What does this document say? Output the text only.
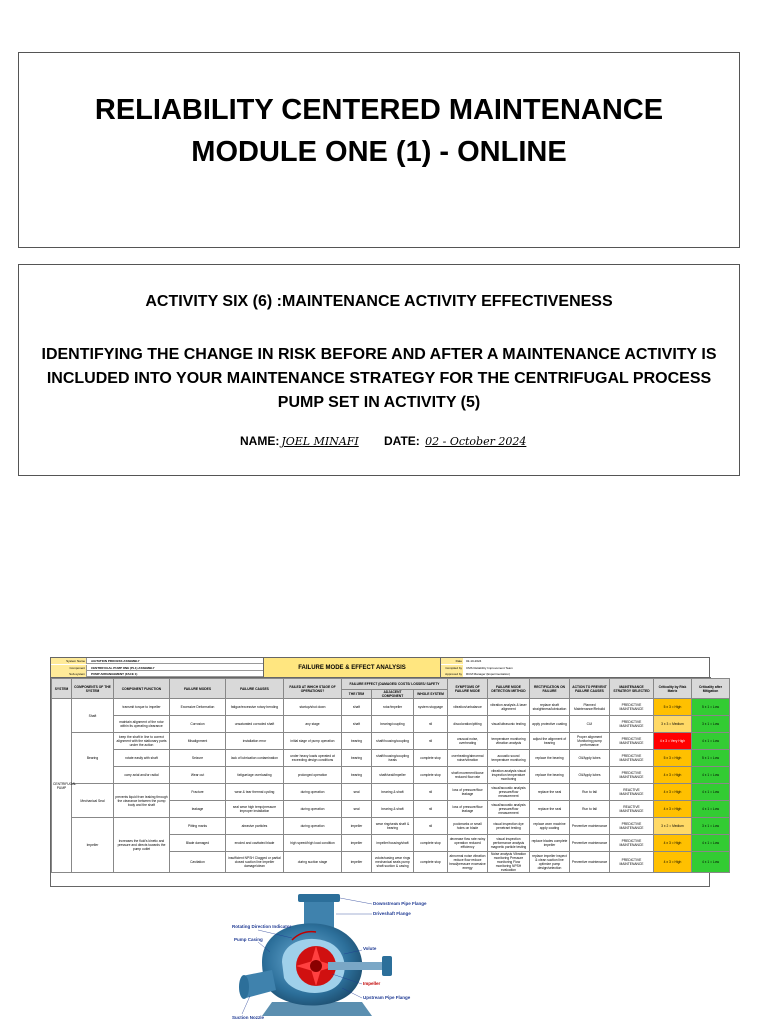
RELIABILITY CENTERED MAINTENANCE
MODULE ONE (1) - ONLINE
ACTIVITY SIX (6) :MAINTENANCE ACTIVITY EFFECTIVENESS
IDENTIFYING THE CHANGE IN RISK BEFORE AND AFTER A MAINTENANCE ACTIVITY IS INCLUDED INTO YOUR MAINTENANCE STRATEGY FOR THE CENTRIFUGAL PROCESS PUMP SET IN ACTIVITY (5)
NAME: JOEL MINAFI DATE: 02 - October 2024
System Name	AGITATION PROCESS ASSEMBLY
Component	CENTRIFUGAL PUMP ONE (PL1) ASSEMBLY
Sub-system	PUMP ARRANGEMENT (FACE 1)
FAILURE MODE & EFFECT ANALYSIS
Date	02-10-2024
Compiled by	CMS Reliability Improvement Team
Approved by	RCM Manager (Experimentation)
SYSTEM	COMPONENTS OF THE SYSTEM	COMPONENT FUNCTION	FAILURE MODES	FAILURE CAUSES	FAILED AT WHICH STAGE OF OPERATIONS?	FAILURE EFFECT (DAMAGES/ COSTS/ LOSSES/ SAFETY			SYMPTOMS OF FAILURE MODE	FAILURE MODE DETECTION METHOD	RECTIFICATION ON FAILURE	ACTION TO PREVENT FAILURE CAUSES	MAINTENANCE STRATEGY SELECTED	Criticality by Risk Matrix	Criticality after Mitigation
						THE ITEM	ADJACENT COMPONENT	WHOLE SYSTEM							
CENTRIFUGAL PUMP	Shaft	transmit torque to impeller	Excessive Deformation	fatigue/excessive rotary bending	startup/shut down	shaft	rotor/impeller	system stoppage	vibration/unbalance	vibration analysis & laser alignment	replace shaft straightness/lubrication	Planned Maintenance/Rebuild	PREDICTIVE MAINTENANCE	5 x 3 = High	5 x 1 = Low
		maintain alignment of the rotor within its operating clearance	Corrosion	unsaturated corroded shaft	any stage	shaft	bearing/coupling	nil	discoloration/pitting	visual/ultrasonic testing	apply protective coating	CUI	PREDICTIVE MAINTENANCE	3 x 3 = Medium	3 x 1 = Low
	Bearing	keep the shaft in line to correct alignment with the stationary parts under the action	Misalignment	installation error	initial stage of pump operation	bearing	shaft/housing/coupling	nil	unusual noise, overheating	temperature monitoring vibration analysis	adjust the alignment of bearing	Proper alignment Monitoring pump performance	PREDICTIVE MAINTENANCE	4 x 3 = Very High	4 x 1 = Low
		rotate easily with shaft	Seizure	lack of lubrication contamination	under heavy loads operated at exceeding design conditions	bearing	shaft/housing/coupling /seals	complete stop	overheating/abnormal noise/vibration	acoustic sound temperature monitoring	replace the bearing	Oil/Apply lubes	PREDICTIVE MAINTENANCE	5 x 3 = High	5 x 1 = Low
		carry axial and/or radial	Wear out	fatigue/age overloading	prolonged operation	bearing	shaft/seal/impeller	complete stop	shaft movement/loose reduced flow rate	vibration analysis visual inspection temperature monitoring	replace the bearing	Oil/Apply lubes	PREDICTIVE MAINTENANCE	4 x 3 = High	4 x 1 = Low
	Mechanical Seal	prevents liquid from leaking through the clearance between the pump body and the shaft	Fracture	wear & tear thermal cycling	during operation	seal	bearing & shaft	nil	loss of pressure/flow leakage	visual/acoustic analysis pressure/flow measurement	replace the seal	Run to fail	REACTIVE MAINTENANCE	4 x 3 = High	4 x 1 = Low
			leakage	seal wear high temp/pressure improper installation	during operation	seal	bearing & shaft	nil	loss of pressure/flow leakage	visual/acoustic analysis pressure/flow measurement	replace the seal	Run to fail	REACTIVE MAINTENANCE	4 x 3 = High	4 x 1 = Low
	Impeller	increases the fluid's kinetic and pressure and directs towards the pump outlet	Pitting marks	abrasive particles	during operation	impeller	wear ring/seals shaft & bearing	nil	pockmarks or small holes on blade	visual inspection dye penetrant testing	replace worn machine apply coating	Preventive maintenance	PREDICTIVE MAINTENANCE	3 x 2 = Medium	3 x 1 = Low
			Blade damaged	eroded and cavitated blade	high speed/high load condition	impeller	impeller/housing/shaft	complete stop	decrease flow rate noisy operation reduced efficiency	visual inspection performance analysis magnetic particle testing	replace blades complete impeller	Preventive maintenance	PREDICTIVE MAINTENANCE	4 x 3 = High	4 x 1 = Low
			Cavitation	insufficient NPSH Clogged or partial closed suction line Impeller damage/clean	during suction stage	impeller	volute/casing wear rings mechanical seals pump shaft suction & casing	complete stop	abnormal noise vibration reduce flow reduce head/pressure excessive energy	Noise analysis Vibration monitoring Pressure monitoring Flow monitoring NPSH evaluation	replace impeller inspect & clean suction line optimize pump design/selection	Preventive maintenance	PREDICTIVE MAINTENANCE	4 x 3 = High	4 x 1 = Low
Downstream Pipe Flange
Driveshaft Flange
Rotating Direction Indicator
Pump Casing
Volute
Impeller
Upstream Pipe Flange
Suction Nozzle
